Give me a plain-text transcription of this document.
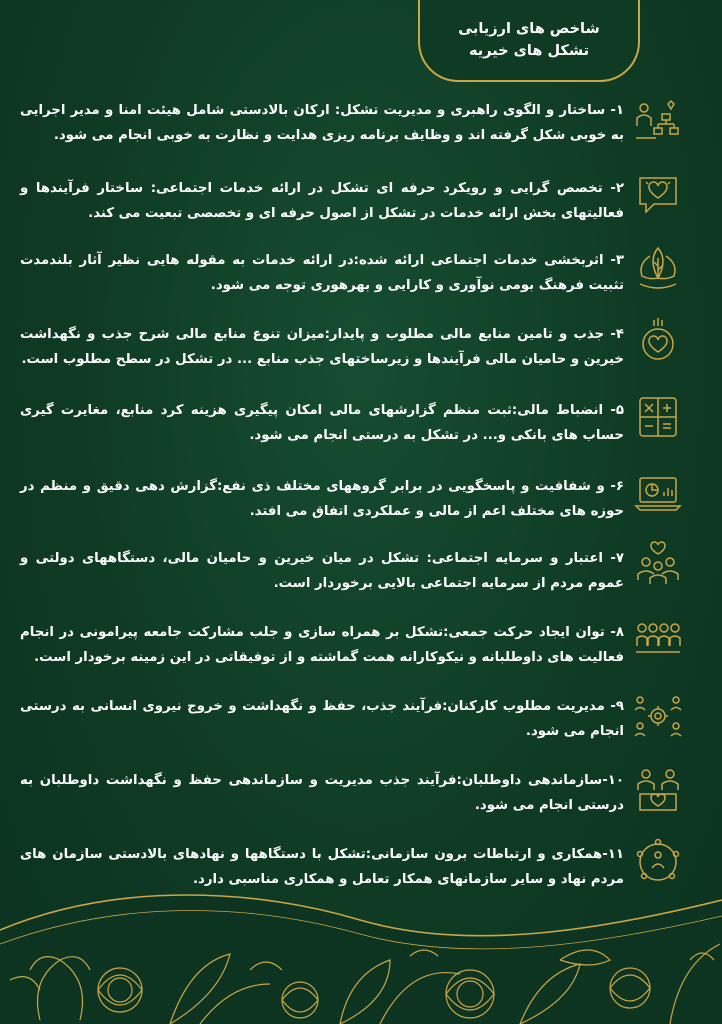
شاخص های ارزیابی
تشکل های خیریه
۱- ساختار و الگوی راهبری و مدیریت تشکل: ارکان بالادستی شامل هیئت امنا و مدیر اجرایی به خوبی شکل گرفته اند و وظایف برنامه ریزی هدایت و نظارت به خوبی انجام می شود.
۲- تخصص گرایی و رویکرد حرفه ای تشکل در ارائه خدمات اجتماعی: ساختار فرآیندها و فعالیتهای بخش ارائه خدمات در تشکل از اصول حرفه ای و تخصصی تبعیت می کند.
۳- اثربخشی خدمات اجتماعی ارائه شده:در ارائه خدمات به مقوله هایی نظیر آثار بلندمدت تثبیت فرهنگ بومی نوآوری و کارایی و بهرهوری توجه می شود.
۴- جذب و تامین منابع مالی مطلوب و پایدار:میزان تنوع منابع مالی شرح جذب و نگهداشت خیرین و حامیان مالی فرآیندها و زیرساختهای جذب منابع ... در تشکل در سطح مطلوب است.
۵- انضباط مالی:ثبت منظم گزارشهای مالی امکان پیگیری هزینه کرد منابع، مغایرت گیری حساب های بانکی و... در تشکل به درستی انجام می شود.
۶- و شفافیت و پاسخگویی در برابر گروههای مختلف ذی نفع:گزارش دهی دقیق و منظم در حوزه های مختلف اعم از مالی و عملکردی اتفاق می افتد.
۷- اعتبار و سرمایه اجتماعی: تشکل در میان خیرین و حامیان مالی، دستگاههای دولتی و عموم مردم از سرمایه اجتماعی بالایی برخوردار است.
۸- توان ایجاد حرکت جمعی:تشکل بر همراه سازی و جلب مشارکت جامعه پیرامونی در انجام فعالیت های داوطلبانه و نیکوکارانه همت گماشته و از توفیقاتی در این زمینه برخودار است.
۹- مدیریت مطلوب کارکنان:فرآیند جذب، حفظ و نگهداشت و خروج نیروی انسانی به درستی انجام می شود.
۱۰-سازماندهی داوطلبان:فرآیند جذب مدیریت و سازماندهی حفظ و نگهداشت داوطلبان به درستی انجام می شود.
۱۱-همکاری و ارتباطات برون سازمانی:تشکل با دستگاهها و نهادهای بالادستی سازمان های مردم نهاد و سایر سازمانهای همکار تعامل و همکاری مناسبی دارد.
